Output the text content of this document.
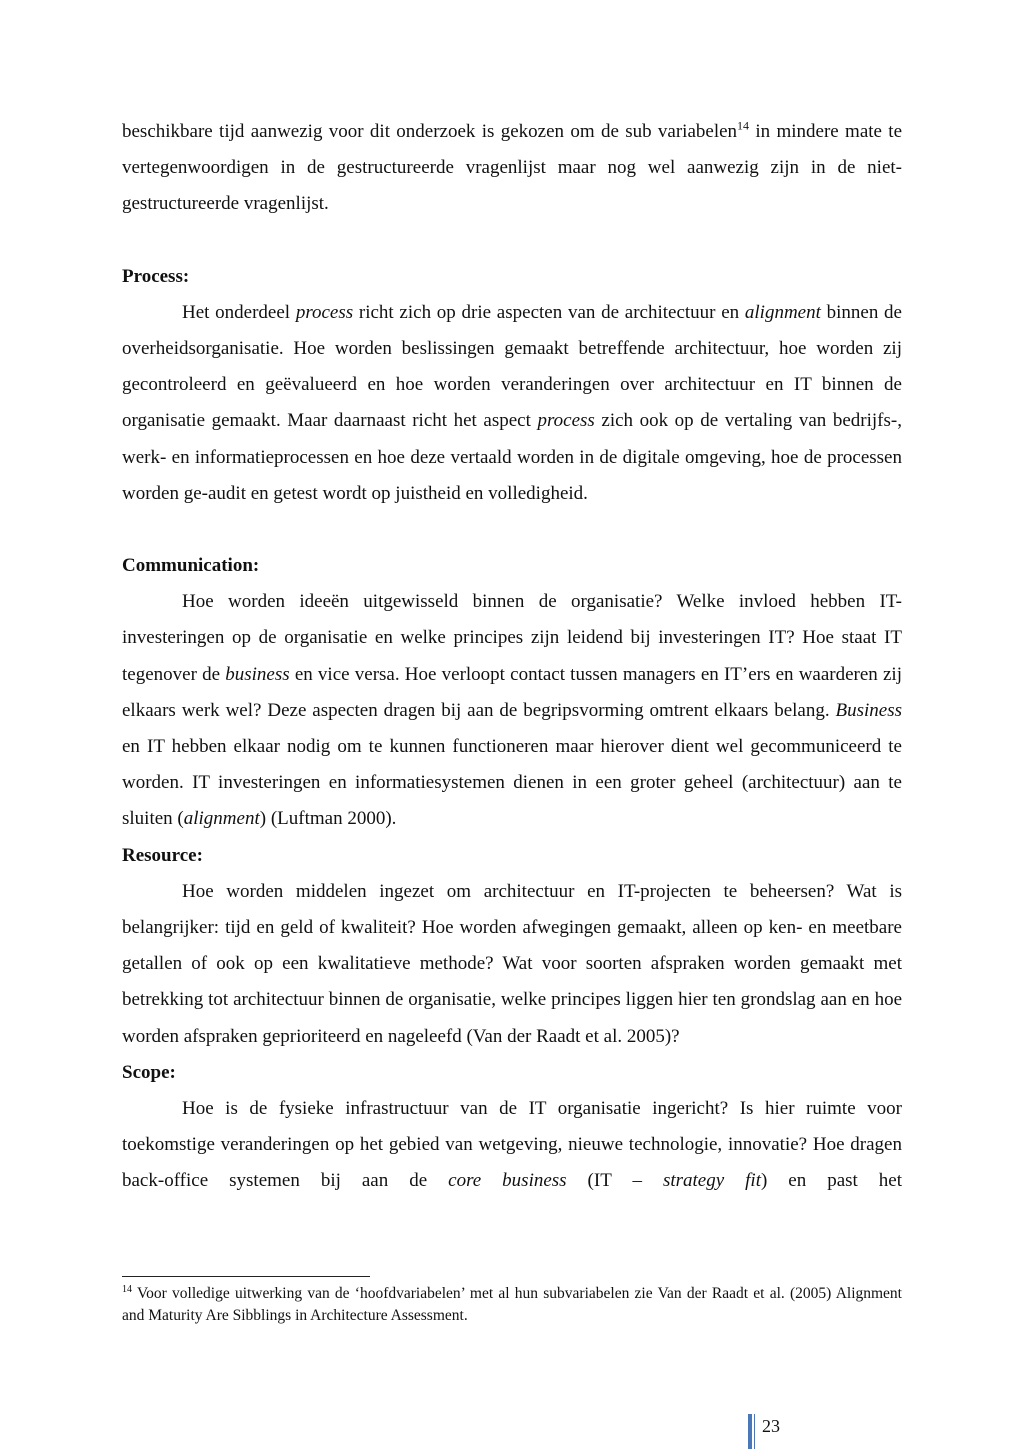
beschikbare tijd aanwezig voor dit onderzoek is gekozen om de sub variabelen$^{14}$ in mindere mate te vertegenwoordigen in de gestructureerde vragenlijst maar nog wel aanwezig zijn in de niet-gestructureerde vragenlijst.

Process:

Het onderdeel process richt zich op drie aspecten van de architectuur en alignment binnen de overheidsorganisatie. Hoe worden beslissingen gemaakt betreffende architectuur, hoe worden zij gecontroleerd en geëvalueerd en hoe worden veranderingen over architectuur en IT binnen de organisatie gemaakt. Maar daarnaast richt het aspect process zich ook op de vertaling van bedrijfs-, werk- en informatieprocessen en hoe deze vertaald worden in de digitale omgeving, hoe de processen worden ge-audit en getest wordt op juistheid en volledigheid.

Communication:

Hoe worden ideeën uitgewisseld binnen de organisatie? Welke invloed hebben IT-investeringen op de organisatie en welke principes zijn leidend bij investeringen IT? Hoe staat IT tegenover de business en vice versa. Hoe verloopt contact tussen managers en IT’ers en waarderen zij elkaars werk wel? Deze aspecten dragen bij aan de begripsvorming omtrent elkaars belang. Business en IT hebben elkaar nodig om te kunnen functioneren maar hierover dient wel gecommuniceerd te worden. IT investeringen en informatiesystemen dienen in een groter geheel (architectuur) aan te sluiten (alignment) (Luftman 2000).

Resource:

Hoe worden middelen ingezet om architectuur en IT-projecten te beheersen? Wat is belangrijker: tijd en geld of kwaliteit? Hoe worden afwegingen gemaakt, alleen op ken- en meetbare getallen of ook op een kwalitatieve methode? Wat voor soorten afspraken worden gemaakt met betrekking tot architectuur binnen de organisatie, welke principes liggen hier ten grondslag aan en hoe worden afspraken geprioriteerd en nageleefd (Van der Raadt et al. 2005)?

Scope:

Hoe is de fysieke infrastructuur van de IT organisatie ingericht? Is hier ruimte voor toekomstige veranderingen op het gebied van wetgeving, nieuwe technologie, innovatie? Hoe dragen back-office systemen bij aan de core business (IT – strategy fit) en past het

$^{14}$ Voor volledige uitwerking van de ‘hoofdvariabelen’ met al hun subvariabelen zie Van der Raadt et al. (2005) Alignment and Maturity Are Sibblings in Architecture Assessment.

23
